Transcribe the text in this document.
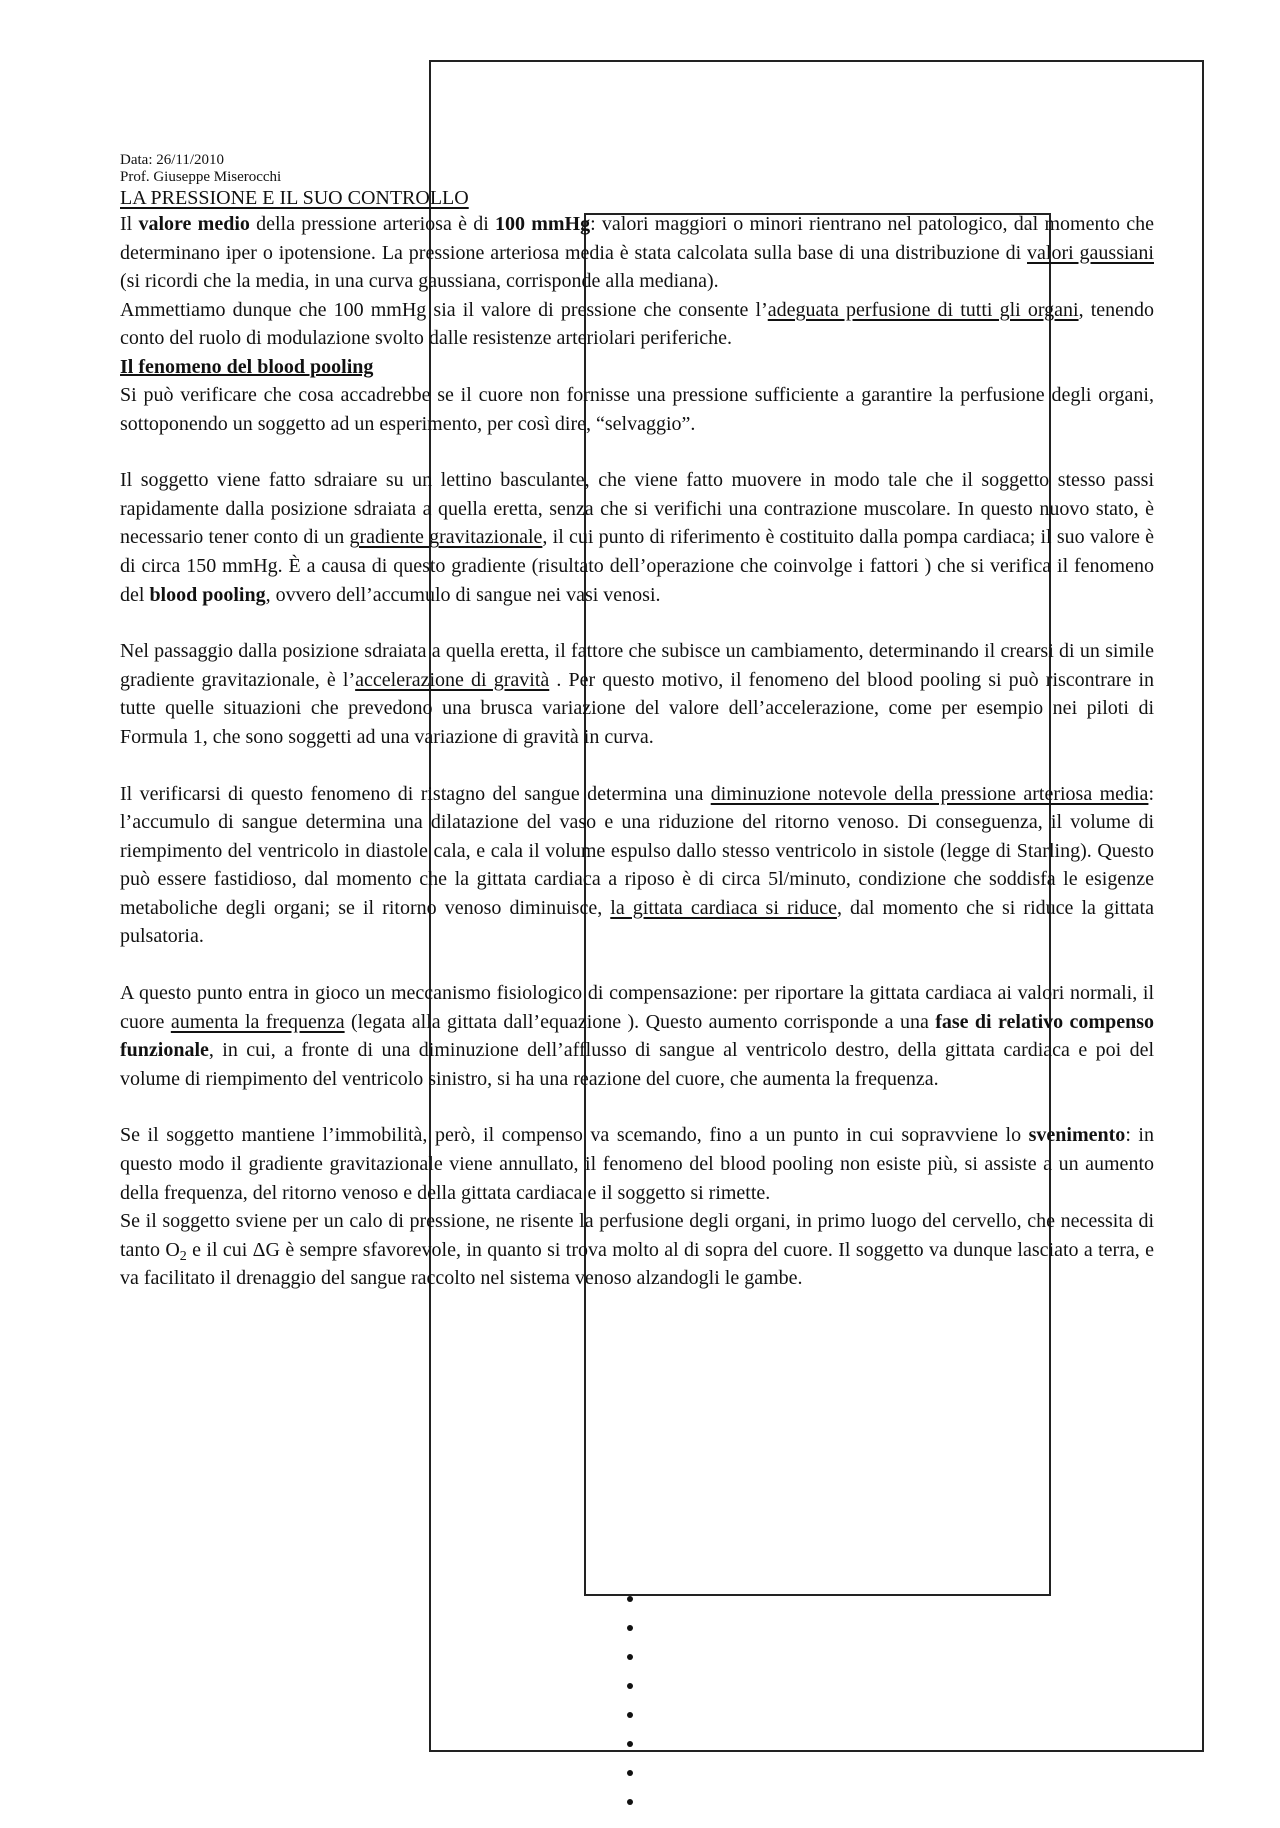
Data: 26/11/2010
Prof. Giuseppe Miserocchi
LA PRESSIONE E IL SUO CONTROLLO

Il valore medio della pressione arteriosa è di 100 mmHg: valori maggiori o minori rientrano nel patologico, dal momento che determinano iper o ipotensione. La pressione arteriosa media è stata calcolata sulla base di una distribuzione di valori gaussiani (si ricordi che la media, in una curva gaussiana, corrisponde alla mediana).

Ammettiamo dunque che 100 mmHg sia il valore di pressione che consente l’adeguata perfusione di tutti gli organi, tenendo conto del ruolo di modulazione svolto dalle resistenze arteriolari periferiche.

Il fenomeno del blood pooling

Si può verificare che cosa accadrebbe se il cuore non fornisse una pressione sufficiente a garantire la perfusione degli organi, sottoponendo un soggetto ad un esperimento, per così dire, “selvaggio”.

Il soggetto viene fatto sdraiare su un lettino basculante, che viene fatto muovere in modo tale che il soggetto stesso passi rapidamente dalla posizione sdraiata a quella eretta, senza che si verifichi una contrazione muscolare. In questo nuovo stato, è necessario tener conto di un gradiente gravitazionale, il cui punto di riferimento è costituito dalla pompa cardiaca; il suo valore è di circa 150 mmHg. È a causa di questo gradiente (risultato dell’operazione che coinvolge i fattori ) che si verifica il fenomeno del blood pooling, ovvero dell’accumulo di sangue nei vasi venosi.

Nel passaggio dalla posizione sdraiata a quella eretta, il fattore che subisce un cambiamento, determinando il crearsi di un simile gradiente gravitazionale, è l’accelerazione di gravità . Per questo motivo, il fenomeno del blood pooling si può riscontrare in tutte quelle situazioni che prevedono una brusca variazione del valore dell’accelerazione, come per esempio nei piloti di Formula 1, che sono soggetti ad una variazione di gravità in curva.

Il verificarsi di questo fenomeno di ristagno del sangue determina una diminuzione notevole della pressione arteriosa media: l’accumulo di sangue determina una dilatazione del vaso e una riduzione del ritorno venoso. Di conseguenza, il volume di riempimento del ventricolo in diastole cala, e cala il volume espulso dallo stesso ventricolo in sistole (legge di Starling). Questo può essere fastidioso, dal momento che la gittata cardiaca a riposo è di circa 5l/minuto, condizione che soddisfa le esigenze metaboliche degli organi; se il ritorno venoso diminuisce, la gittata cardiaca si riduce, dal momento che si riduce la gittata pulsatoria.

A questo punto entra in gioco un meccanismo fisiologico di compensazione: per riportare la gittata cardiaca ai valori normali, il cuore aumenta la frequenza (legata alla gittata dall’equazione ). Questo aumento corrisponde a una fase di relativo compenso funzionale, in cui, a fronte di una diminuzione dell’afflusso di sangue al ventricolo destro, della gittata cardiaca e poi del volume di riempimento del ventricolo sinistro, si ha una reazione del cuore, che aumenta la frequenza.

Se il soggetto mantiene l’immobilità, però, il compenso va scemando, fino a un punto in cui sopravviene lo svenimento: in questo modo il gradiente gravitazionale viene annullato, il fenomeno del blood pooling non esiste più, si assiste a un aumento della frequenza, del ritorno venoso e della gittata cardiaca e il soggetto si rimette.

Se il soggetto sviene per un calo di pressione, ne risente la perfusione degli organi, in primo luogo del cervello, che necessita di tanto $O_2$ e il cui ΔG è sempre sfavorevole, in quanto si trova molto al di sopra del cuore. Il soggetto va dunque lasciato a terra, e va facilitato il drenaggio del sangue raccolto nel sistema venoso alzandogli le gambe.
